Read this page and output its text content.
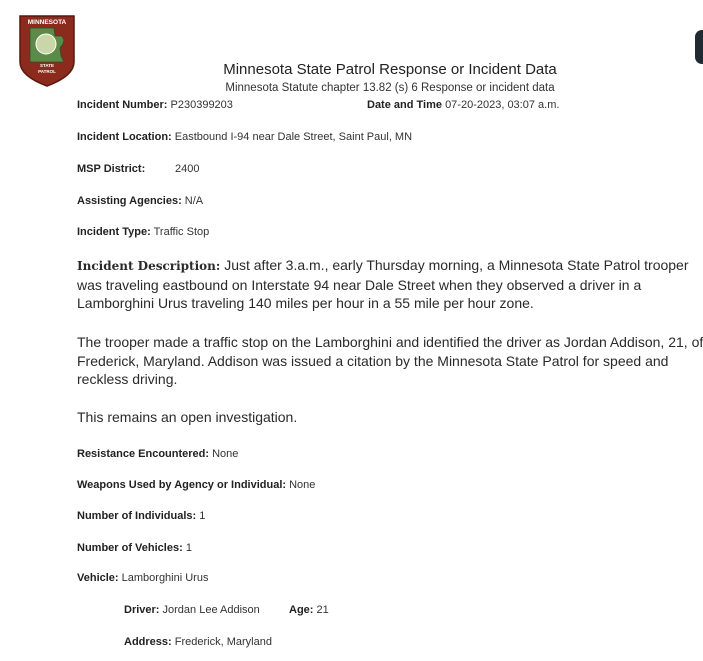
MINNESOTA
STATE
PATROL	Minnesota State Patrol Response or Incident Data
Minnesota Statute chapter 13.82 (s) 6 Response or incident data
Incident Number: P230399203	Date and Time 07-20-2023, 03:07 a.m.
Incident Location: Eastbound I-94 near Dale Street, Saint Paul, MN
MSP District:	2400
Assisting Agencies: N/A
Incident Type: Traffic Stop
Incident Description: Just after 3.a.m., early Thursday morning, a Minnesota State Patrol trooper was traveling eastbound on Interstate 94 near Dale Street when they observed a driver in a Lamborghini Urus traveling 140 miles per hour in a 55 mile per hour zone.
The trooper made a traffic stop on the Lamborghini and identified the driver as Jordan Addison, 21, of Frederick, Maryland. Addison was issued a citation by the Minnesota State Patrol for speed and reckless driving.
This remains an open investigation.
Resistance Encountered: None
Weapons Used by Agency or Individual: None
Number of Individuals: 1
Number of Vehicles: 1
Vehicle: Lamborghini Urus
Driver: Jordan Lee Addison	Age: 21
Address: Frederick, Maryland
